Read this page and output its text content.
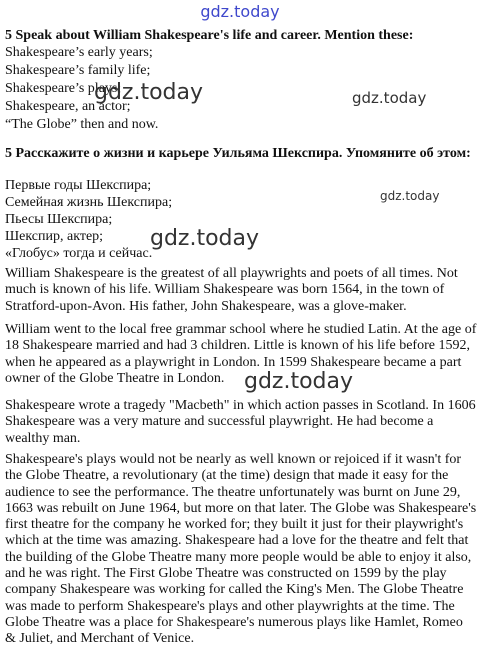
gdz.today
5 Speak about William Shakespeare's life and career. Mention these:
Shakespeare’s early years;
Shakespeare’s family life;
Shakespeare’s plays;
Shakespeare, an actor;
“The Globe” then and now.
5 Расскажите о жизни и карьере Уильяма Шекспира. Упомяните об этом:
Первые годы Шекспира;
Семейная жизнь Шекспира;
Пьесы Шекспира;
Шекспир, актер;
«Глобус» тогда и сейчас.
William Shakespeare is the greatest of all playwrights and poets of all times. Not much is known of his life. William Shakespeare was born 1564, in the town of Stratford-upon-Avon. His father, John Shakespeare, was a glove-maker.
William went to the local free grammar school where he studied Latin. At the age of 18 Shakespeare married and had 3 children. Little is known of his life before 1592, when he appeared as a playwright in London. In 1599 Shakespeare became a part owner of the Globe Theatre in London.
Shakespeare wrote a tragedy "Macbeth" in which action passes in Scotland. In 1606 Shakespeare was a very mature and successful playwright. He had become a wealthy man.
Shakespeare's plays would not be nearly as well known or rejoiced if it wasn't for the Globe Theatre, a revolutionary (at the time) design that made it easy for the audience to see the performance. The theatre unfortunately was burnt on June 29, 1663 was rebuilt on June 1964, but more on that later. The Globe was Shakespeare's first theatre for the company he worked for; they built it just for their playwright's which at the time was amazing. Shakespeare had a love for the theatre and felt that the building of the Globe Theatre many more people would be able to enjoy it also, and he was right. The First Globe Theatre was constructed on 1599 by the play company Shakespeare was working for called the King's Men. The Globe Theatre was made to perform Shakespeare's plays and other playwrights at the time. The Globe Theatre was a place for Shakespeare's numerous plays like Hamlet, Romeo & Juliet, and Merchant of Venice.
gdz.today	gdz.today
gdz.today
gdz.today
gdz.today
